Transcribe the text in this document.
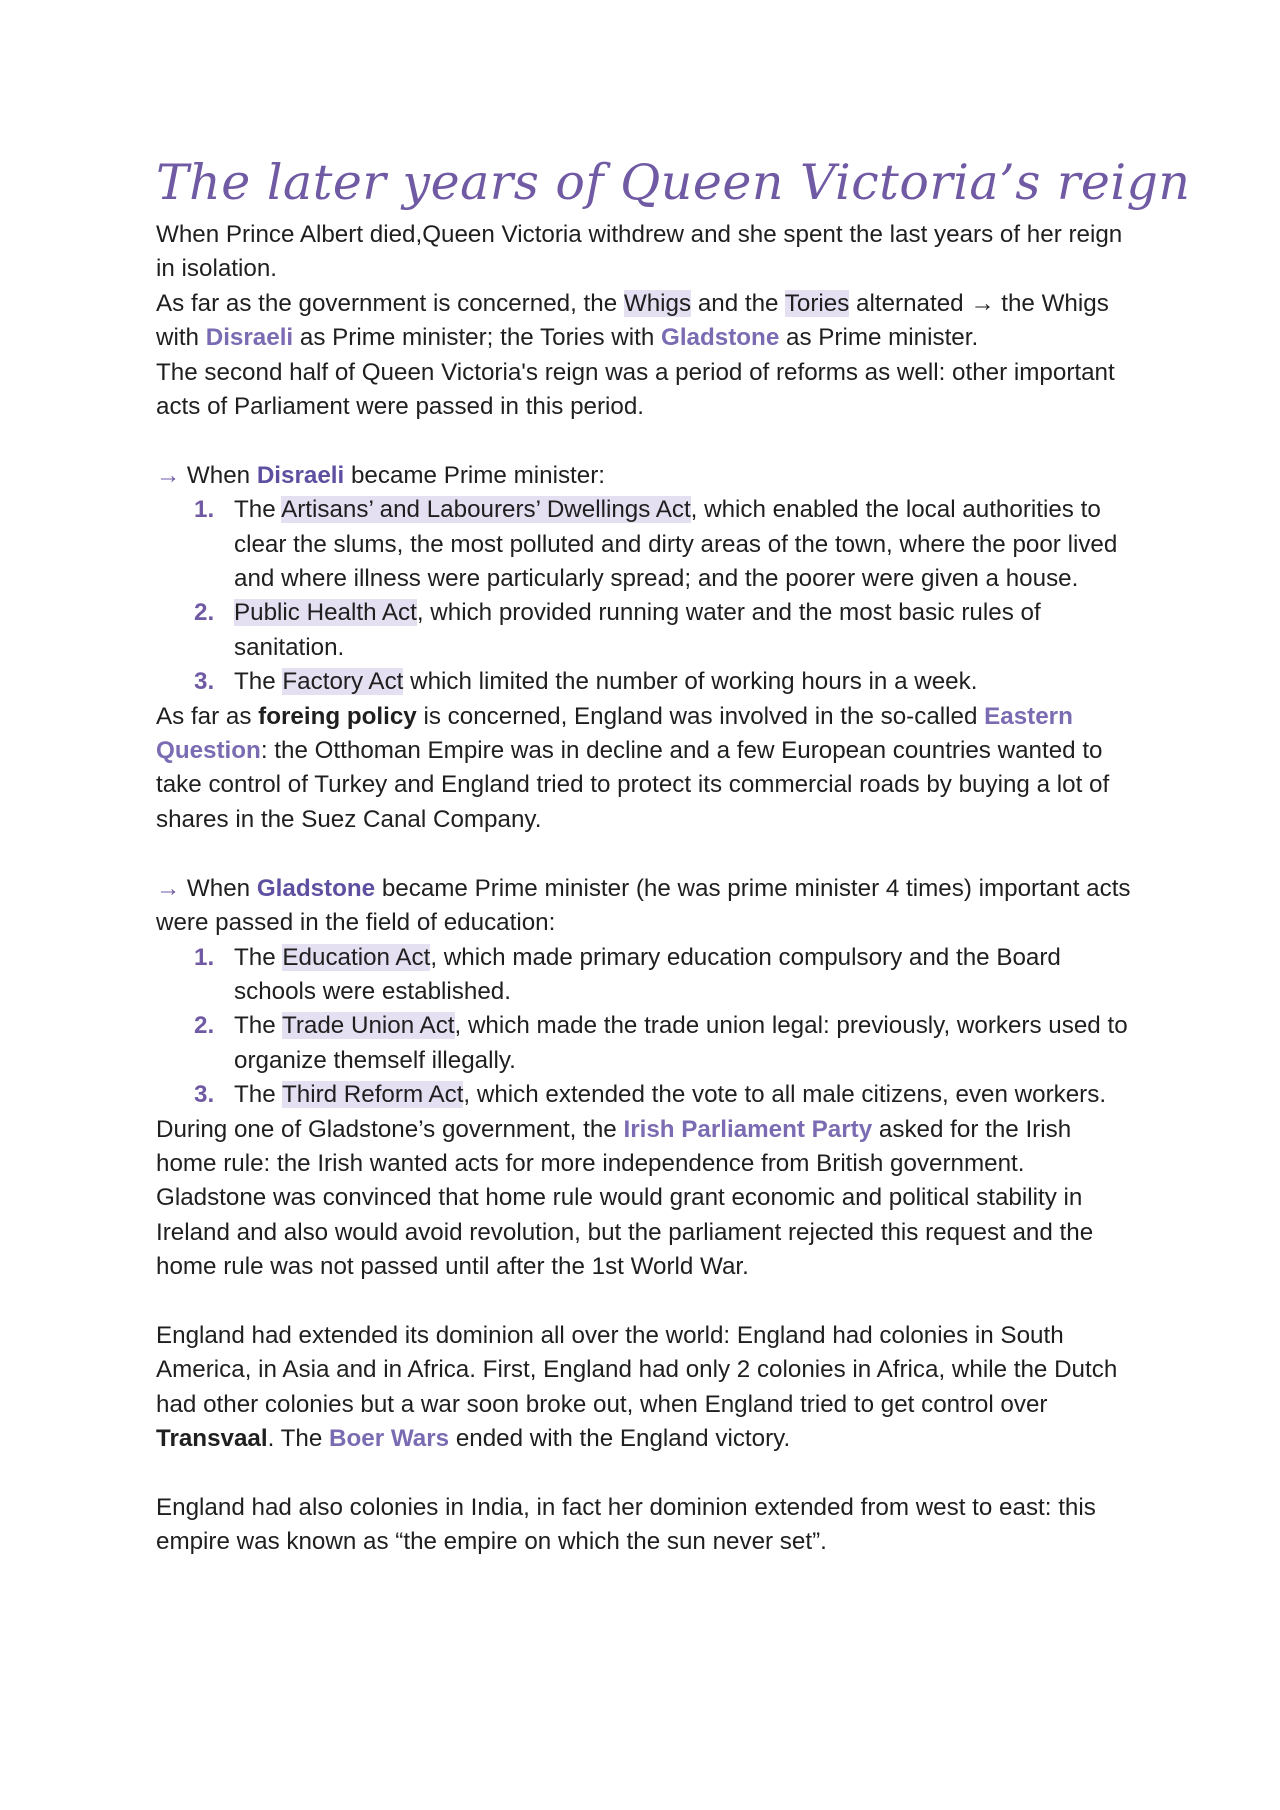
The later years of Queen Victoria’s reign

When Prince Albert died,Queen Victoria withdrew and she spent the last years of her reign in isolation.

As far as the government is concerned, the Whigs and the Tories alternated → the Whigs with Disraeli as Prime minister; the Tories with Gladstone as Prime minister.

The second half of Queen Victoria's reign was a period of reforms as well: other important acts of Parliament were passed in this period.

→ When Disraeli became Prime minister:

1. The Artisans’ and Labourers’ Dwellings Act, which enabled the local authorities to clear the slums, the most polluted and dirty areas of the town, where the poor lived and where illness were particularly spread; and the poorer were given a house.
2. Public Health Act, which provided running water and the most basic rules of sanitation.
3. The Factory Act which limited the number of working hours in a week.

As far as foreing policy is concerned, England was involved in the so-called Eastern Question: the Otthoman Empire was in decline and a few European countries wanted to take control of Turkey and England tried to protect its commercial roads by buying a lot of shares in the Suez Canal Company.

→ When Gladstone became Prime minister (he was prime minister 4 times) important acts were passed in the field of education:

1. The Education Act, which made primary education compulsory and the Board schools were established.
2. The Trade Union Act, which made the trade union legal: previously, workers used to organize themself illegally.
3. The Third Reform Act, which extended the vote to all male citizens, even workers.

During one of Gladstone’s government, the Irish Parliament Party asked for the Irish home rule: the Irish wanted acts for more independence from British government.

Gladstone was convinced that home rule would grant economic and political stability in Ireland and also would avoid revolution, but the parliament rejected this request and the home rule was not passed until after the 1st World War.

England had extended its dominion all over the world: England had colonies in South America, in Asia and in Africa. First, England had only 2 colonies in Africa, while the Dutch had other colonies but a war soon broke out, when England tried to get control over Transvaal. The Boer Wars ended with the England victory.

England had also colonies in India, in fact her dominion extended from west to east: this empire was known as “the empire on which the sun never set”.
